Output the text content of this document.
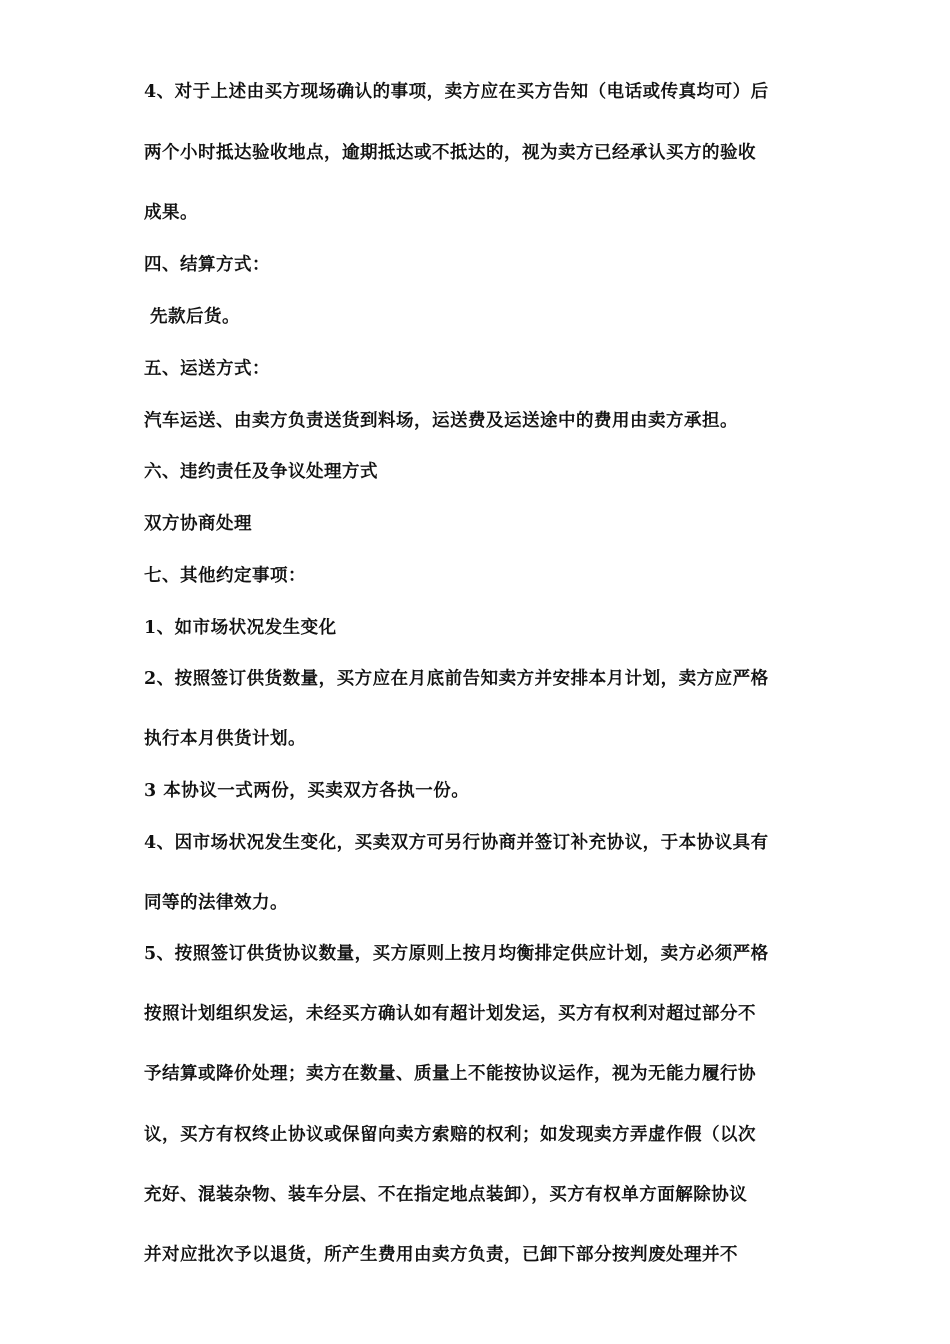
4、对于上述由买方现场确认的事项，卖方应在买方告知（电话或传真均可）后
两个小时抵达验收地点，逾期抵达或不抵达的，视为卖方已经承认买方的验收
成果。
四、结算方式：
先款后货。
五、运送方式：
汽车运送、由卖方负责送货到料场，运送费及运送途中的费用由卖方承担。
六、违约责任及争议处理方式
双方协商处理
七、其他约定事项：
1、如市场状况发生变化
2、按照签订供货数量，买方应在月底前告知卖方并安排本月计划，卖方应严格
执行本月供货计划。
3 本协议一式两份，买卖双方各执一份。
4、因市场状况发生变化，买卖双方可另行协商并签订补充协议，于本协议具有
同等的法律效力。
5、按照签订供货协议数量，买方原则上按月均衡排定供应计划，卖方必须严格
按照计划组织发运，未经买方确认如有超计划发运，买方有权利对超过部分不
予结算或降价处理；卖方在数量、质量上不能按协议运作，视为无能力履行协
议，买方有权终止协议或保留向卖方索赔的权利；如发现卖方弄虚作假（以次
充好、混装杂物、装车分层、不在指定地点装卸），买方有权单方面解除协议
并对应批次予以退货，所产生费用由卖方负责，已卸下部分按判废处理并不
